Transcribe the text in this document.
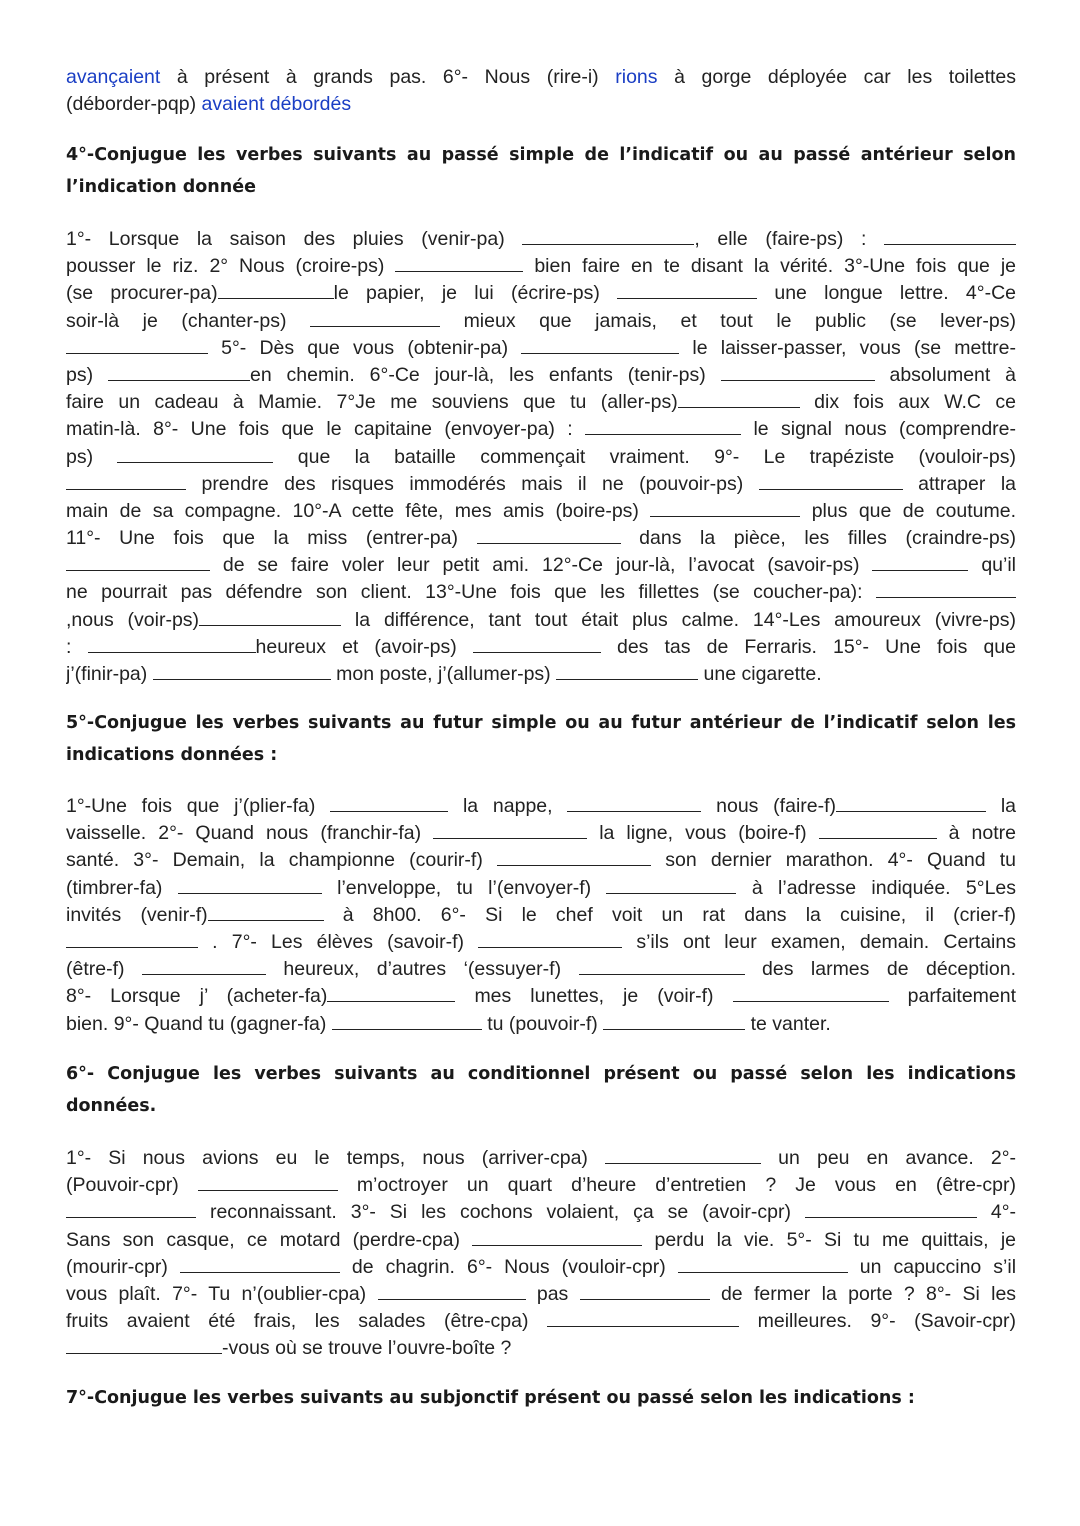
avançaient à présent à grands pas. 6°- Nous (rire-i) rions à gorge déployée car les toilettes
(déborder-pqp) avaient débordés
4°-Conjugue les verbes suivants au passé simple de l’indicatif ou au passé antérieur selon
l’indication donnée
1°- Lorsque la saison des pluies (venir-pa)	, elle (faire-ps) :
pousser le riz. 2° Nous (croire-ps)	bien faire en te disant la vérité. 3°-Une fois que je
(se procurer-pa)	le papier, je lui (écrire-ps)	une longue lettre. 4°-Ce
soir-là je (chanter-ps)	mieux que jamais, et tout le public (se lever-ps)
5°- Dès que vous (obtenir-pa)	le laisser-passer, vous (se mettre-
ps)	en chemin. 6°-Ce jour-là, les enfants (tenir-ps)	absolument à
faire un cadeau à Mamie. 7°Je me souviens que tu (aller-ps)	dix fois aux W.C ce
matin-là. 8°- Une fois que le capitaine (envoyer-pa) :	le signal nous (comprendre-
ps)	que la bataille commençait vraiment. 9°- Le trapéziste (vouloir-ps)
prendre des risques immodérés mais il ne (pouvoir-ps)	attraper la
main de sa compagne. 10°-A cette fête, mes amis (boire-ps)	plus que de coutume.
11°- Une fois que la miss (entrer-pa)	dans la pièce, les filles (craindre-ps)
de se faire voler leur petit ami. 12°-Ce jour-là, l’avocat (savoir-ps)	qu’il
ne pourrait pas défendre son client. 13°-Une fois que les fillettes (se coucher-pa):
,nous (voir-ps)	la différence, tant tout était plus calme. 14°-Les amoureux (vivre-ps)
:	heureux et (avoir-ps)	des tas de Ferraris. 15°- Une fois que
j’(finir-pa)	mon poste, j’(allumer-ps)	une cigarette.
5°-Conjugue les verbes suivants au futur simple ou au futur antérieur de l’indicatif selon les
indications données :
1°-Une fois que j’(plier-fa)	la nappe,	nous (faire-f)	la
vaisselle. 2°- Quand nous (franchir-fa)	la ligne, vous (boire-f)	à notre
santé. 3°- Demain, la championne (courir-f)	son dernier marathon. 4°- Quand tu
(timbrer-fa)	l’enveloppe, tu l’(envoyer-f)	à l’adresse indiquée. 5°Les
invités (venir-f)	à 8h00. 6°- Si le chef voit un rat dans la cuisine, il (crier-f)
. 7°- Les élèves (savoir-f)	s’ils ont leur examen, demain. Certains
(être-f)	heureux, d’autres ‘(essuyer-f)	des larmes de déception.
8°- Lorsque j’ (acheter-fa)	mes lunettes, je (voir-f)	parfaitement
bien. 9°- Quand tu (gagner-fa)	tu (pouvoir-f)	te vanter.
6°- Conjugue les verbes suivants au conditionnel présent ou passé selon les indications
données.
1°- Si nous avions eu le temps, nous (arriver-cpa)	un peu en avance. 2°-
(Pouvoir-cpr)	m’octroyer un quart d’heure d’entretien ? Je vous en (être-cpr)
reconnaissant. 3°- Si les cochons volaient, ça se (avoir-cpr)	4°-
Sans son casque, ce motard (perdre-cpa)	perdu la vie. 5°- Si tu me quittais, je
(mourir-cpr)	de chagrin. 6°- Nous (vouloir-cpr)	un capuccino s’il
vous plaît. 7°- Tu n’(oublier-cpa)	pas	de fermer la porte ? 8°- Si les
fruits avaient été frais, les salades (être-cpa)	meilleures. 9°- (Savoir-cpr)
-vous où se trouve l’ouvre-boîte ?
7°-Conjugue les verbes suivants au subjonctif présent ou passé selon les indications :
